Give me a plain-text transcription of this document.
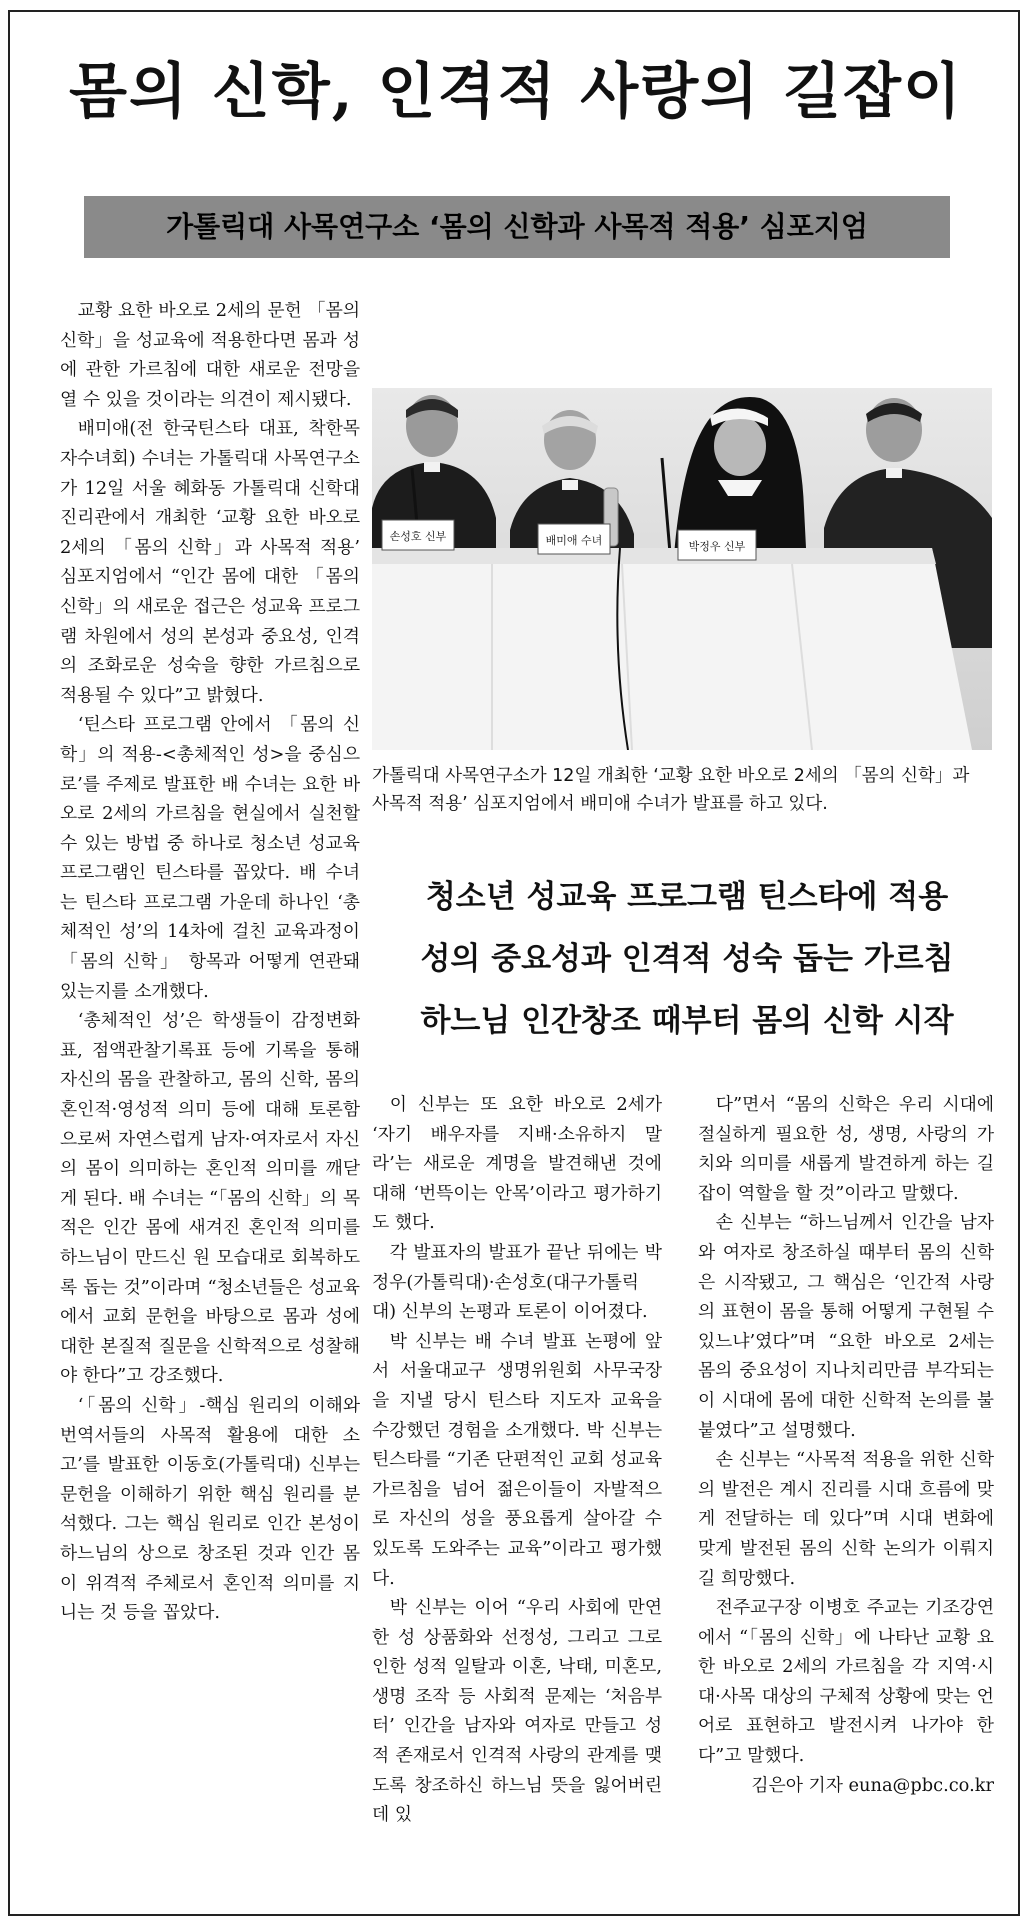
몸의 신학, 인격적 사랑의 길잡이
가톨릭대 사목연구소 ‘몸의 신학과 사목적 적용’ 심포지엄

교황 요한 바오로 2세의 문헌 「몸의 신학」을 성교육에 적용한다면 몸과 성에 관한 가르침에 대한 새로운 전망을 열 수 있을 것이라는 의견이 제시됐다.

배미애(전 한국틴스타 대표, 착한목자수녀회) 수녀는 가톨릭대 사목연구소가 12일 서울 혜화동 가톨릭대 신학대 진리관에서 개최한 ‘교황 요한 바오로 2세의 「몸의 신학」과 사목적 적용’ 심포지엄에서 “인간 몸에 대한 「몸의 신학」의 새로운 접근은 성교육 프로그램 차원에서 성의 본성과 중요성, 인격의 조화로운 성숙을 향한 가르침으로 적용될 수 있다”고 밝혔다.

‘틴스타 프로그램 안에서 「몸의 신학」의 적용-<총체적인 성>을 중심으로’를 주제로 발표한 배 수녀는 요한 바오로 2세의 가르침을 현실에서 실천할 수 있는 방법 중 하나로 청소년 성교육 프로그램인 틴스타를 꼽았다. 배 수녀는 틴스타 프로그램 가운데 하나인 ‘총체적인 성’의 14차에 걸친 교육과정이 「몸의 신학」 항목과 어떻게 연관돼 있는지를 소개했다.

‘총체적인 성’은 학생들이 감정변화표, 점액관찰기록표 등에 기록을 통해 자신의 몸을 관찰하고, 몸의 신학, 몸의 혼인적·영성적 의미 등에 대해 토론함으로써 자연스럽게 남자·여자로서 자신의 몸이 의미하는 혼인적 의미를 깨닫게 된다. 배 수녀는 “「몸의 신학」의 목적은 인간 몸에 새겨진 혼인적 의미를 하느님이 만드신 원 모습대로 회복하도록 돕는 것”이라며 “청소년들은 성교육에서 교회 문헌을 바탕으로 몸과 성에 대한 본질적 질문을 신학적으로 성찰해야 한다”고 강조했다.

‘「몸의 신학」-핵심 원리의 이해와 번역서들의 사목적 활용에 대한 소고’를 발표한 이동호(가톨릭대) 신부는 문헌을 이해하기 위한 핵심 원리를 분석했다. 그는 핵심 원리로 인간 본성이 하느님의 상으로 창조된 것과 인간 몸이 위격적 주체로서 혼인적 의미를 지니는 것 등을 꼽았다.

손성호 신부	배미애 수녀	박정우 신부
가톨릭대 사목연구소가 12일 개최한 ‘교황 요한 바오로 2세의 「몸의 신학」과
사목적 적용’ 심포지엄에서 배미애 수녀가 발표를 하고 있다.
청소년 성교육 프로그램 틴스타에 적용
성의 중요성과 인격적 성숙 돕는 가르침
하느님 인간창조 때부터 몸의 신학 시작

이 신부는 또 요한 바오로 2세가 ‘자기 배우자를 지배·소유하지 말라’는 새로운 계명을 발견해낸 것에 대해 ‘번뜩이는 안목’이라고 평가하기도 했다.

각 발표자의 발표가 끝난 뒤에는 박정우(가톨릭대)·손성호(대구가톨릭대) 신부의 논평과 토론이 이어졌다.

박 신부는 배 수녀 발표 논평에 앞서 서울대교구 생명위원회 사무국장을 지낼 당시 틴스타 지도자 교육을 수강했던 경험을 소개했다. 박 신부는 틴스타를 “기존 단편적인 교회 성교육 가르침을 넘어 젊은이들이 자발적으로 자신의 성을 풍요롭게 살아갈 수 있도록 도와주는 교육”이라고 평가했다.

박 신부는 이어 “우리 사회에 만연한 성 상품화와 선정성, 그리고 그로 인한 성적 일탈과 이혼, 낙태, 미혼모, 생명 조작 등 사회적 문제는 ‘처음부터’ 인간을 남자와 여자로 만들고 성적 존재로서 인격적 사랑의 관계를 맺도록 창조하신 하느님 뜻을 잃어버린 데 있

다”면서 “몸의 신학은 우리 시대에 절실하게 필요한 성, 생명, 사랑의 가치와 의미를 새롭게 발견하게 하는 길잡이 역할을 할 것”이라고 말했다.

손 신부는 “하느님께서 인간을 남자와 여자로 창조하실 때부터 몸의 신학은 시작됐고, 그 핵심은 ‘인간적 사랑의 표현이 몸을 통해 어떻게 구현될 수 있느냐’였다”며 “요한 바오로 2세는 몸의 중요성이 지나치리만큼 부각되는 이 시대에 몸에 대한 신학적 논의를 불붙였다”고 설명했다.

손 신부는 “사목적 적용을 위한 신학의 발전은 계시 진리를 시대 흐름에 맞게 전달하는 데 있다”며 시대 변화에 맞게 발전된 몸의 신학 논의가 이뤄지길 희망했다.

전주교구장 이병호 주교는 기조강연에서 “「몸의 신학」에 나타난 교황 요한 바오로 2세의 가르침을 각 지역·시대·사목 대상의 구체적 상황에 맞는 언어로 표현하고 발전시켜 나가야 한다”고 말했다.

김은아 기자 euna@pbc.co.kr
